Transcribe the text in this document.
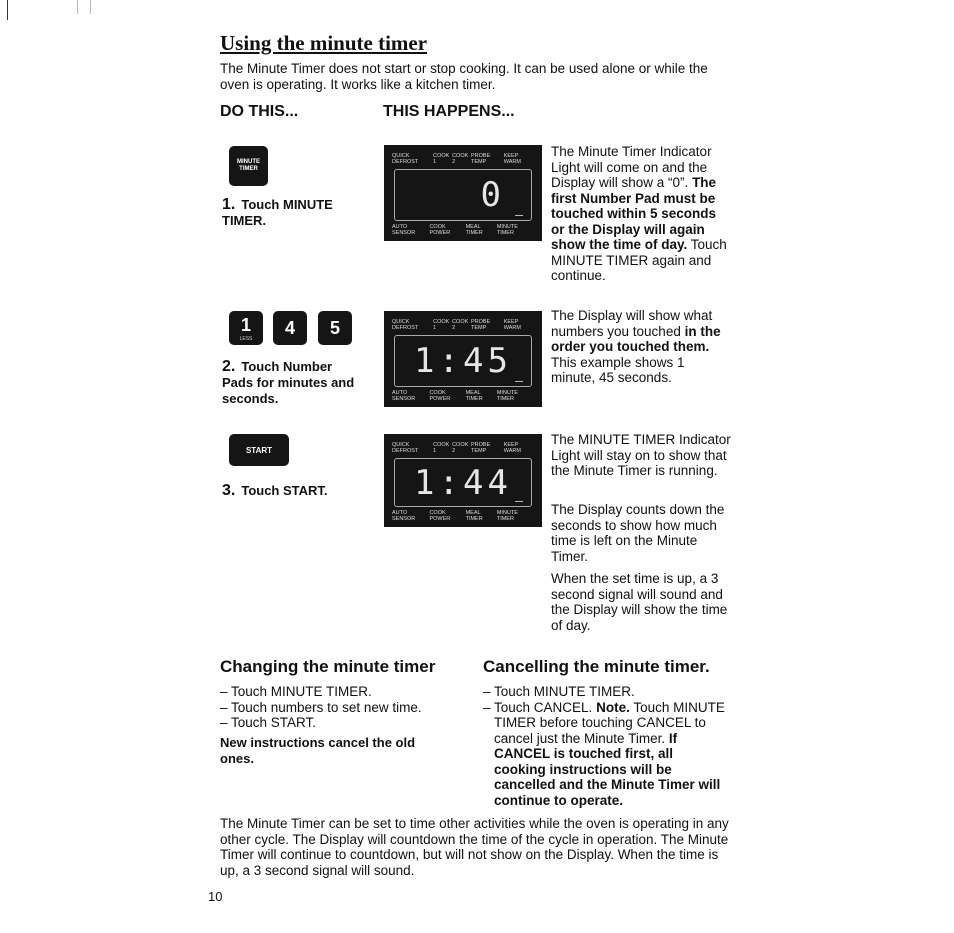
Using the minute timer

The Minute Timer does not start or stop cooking. It can be used alone or while the oven is operating. It works like a kitchen timer.

DO THIS...	THIS HAPPENS...

MINUTE TIMER

1. Touch MINUTE TIMER.

QUICK DEFROST
COOK 1
COOK 2
PROBE TEMP
KEEP WARM
0
AUTO SENSOR
COOK POWER
MEAL TIMER
MINUTE TIMER
The Minute Timer Indicator Light will come on and the Display will show a “0”. The first Number Pad must be touched within 5 seconds or the Display will again show the time of day. Touch MINUTE TIMER again and continue.
1
LESS
4 5

2. Touch Number Pads for minutes and seconds.

QUICK DEFROST
COOK 1
COOK 2
PROBE TEMP
KEEP WARM
1:45
AUTO SENSOR
COOK POWER
MEAL TIMER
MINUTE TIMER
The Display will show what numbers you touched in the order you touched them. This example shows 1 minute, 45 seconds.
START

3. Touch START.

QUICK DEFROST
COOK 1
COOK 2
PROBE TEMP
KEEP WARM
1:44
AUTO SENSOR
COOK POWER
MEAL TIMER
MINUTE TIMER

The MINUTE TIMER Indicator Light will stay on to show that the Minute Timer is running.

The Display counts down the seconds to show how much time is left on the Minute Timer.

When the set time is up, a 3 second signal will sound and the Display will show the time of day.

Changing the minute timer

– Touch MINUTE TIMER.
– Touch numbers to set new time.
– Touch START.

New instructions cancel the old ones.

Cancelling the minute timer.

– Touch MINUTE TIMER.
– Touch CANCEL. Note. Touch MINUTE TIMER before touching CANCEL to cancel just the Minute Timer. If CANCEL is touched first, all cooking instructions will be cancelled and the Minute Timer will continue to operate.

The Minute Timer can be set to time other activities while the oven is operating in any other cycle. The Display will countdown the time of the cycle in operation. The Minute Timer will continue to countdown, but will not show on the Display. When the time is up, a 3 second signal will sound.

10
